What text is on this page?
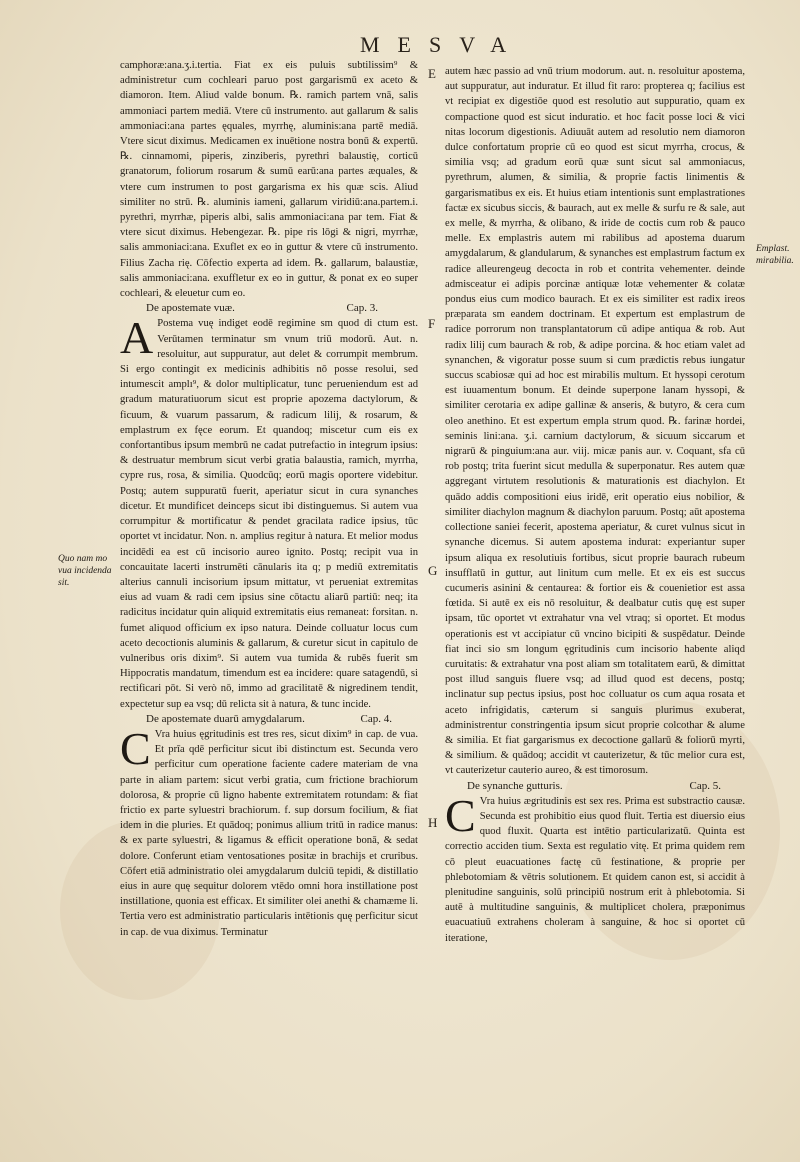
MESVA
E
F
G
H
Quo nam mo vua incidenda sit.
Emplast. mirabilia.

camphoræ:ana.ʒ.i.tertia. Fiat ex eis puluis subtilissim⁹ & administretur cum cochleari paruo post gargarismū ex aceto & diamoron. Item. Aliud valde bonum. ℞. ramich partem vnā, salis ammoniaci partem mediā. Vtere cū instrumento. aut gallarum & salis ammoniaci:ana partes ęquales, myrrhę, aluminis:ana partē mediā. Vtere sicut diximus. Medicamen ex inuētione nostra bonū & expertū. ℞. cinnamomi, piperis, zinziberis, pyrethri balaustię, corticū granatorum, foliorum rosarum & sumū earū:ana partes æquales, & vtere cum instrumen to post gargarisma ex his quæ scis. Aliud similiter no strū. ℞. aluminis iameni, gallarum viridiū:ana.partem.i. pyrethri, myrrhæ, piperis albi, salis ammoniaci:ana par tem. Fiat & vtere sicut diximus. Hebengezar. ℞. pipe ris lōgi & nigri, myrrhæ, salis ammoniaci:ana. Exuflet ex eo in guttur & vtere cū instrumento. Filius Zacha rię. Cōfectio experta ad idem. ℞. gallarum, balaustiæ, salis ammoniaci:ana. exuffletur ex eo in guttur, & ponat ex eo super cochleari, & eleuetur cum eo.

De apostemate vuæ.	Cap. 3.

A Postema vuę indiget eodē regimine sm quod di ctum est. Verūtamen terminatur sm vnum triū modorū. Aut. n. resoluitur, aut suppuratur, aut delet & corrumpit membrum. Si ergo contingit ex medicinis adhibitis nō posse resolui, sed intumescit amplı⁹, & dolor multiplicatur, tunc perueniendum est ad gradum maturatiuorum sicut est proprie apozema dactylorum, & ficuum, & vuarum passarum, & radicum lilij, & rosarum, & emplastrum ex fęce eorum. Et quandoq; miscetur cum eis ex confortantibus ipsum membrū ne cadat putrefactio in integrum ipsius: & destruatur membrum sicut verbi gratia balaustia, ramich, myrrha, cypre rus, rosa, & similia. Quodcūq; eorū magis oportere videbitur. Postq; autem suppuratū fuerit, aperiatur sicut in cura synanches dicetur. Et mundificet deinceps sicut ibi distinguemus. Si autem vua corrumpitur & mortificatur & pendet gracilata radice ipsius, tūc oportet vt incidatur. Non. n. amplius regitur à natura. Et melior modus incidēdi ea est cū incisorio aureo ignito. Postq; recipit vua in concauitate lacerti instrumēti cānularis ita q; p mediū extremitatis alterius cannuli incisorium ipsum mittatur, vt perueniat extremitas eius ad vuam & radi cem ipsius sine cōtactu aliarū partiū: neq; ita radicitus incidatur quin aliquid extremitatis eius remaneat: forsitan. n. fumet aliquod officium ex ipso natura. Deinde colluatur locus cum aceto decoctionis aluminis & gallarum, & curetur sicut in capitulo de vulneribus oris dixim⁹. Si autem vua tumida & rubēs fuerit sm Hippocratis mandatum, timendum est ea incidere: quare satagendū, si rectificari pōt. Si verò nō, immo ad gracilitatē & nigredinem tendit, expectetur sup ea vsq; dū relicta sit à natura, & tunc incide.

De apostemate duarū amygdalarum.	Cap. 4.

C Vra huius ęgritudinis est tres res, sicut dixim⁹ in cap. de vua. Et prīa qdē perficitur sicut ibi distinctum est. Secunda vero perficitur cum operatione faciente cadere materiam de vna parte in aliam partem: sicut verbi gratia, cum frictione brachiorum dolorosa, & proprie cū ligno habente extremitatem rotundam: & fiat frictio ex parte syluestri brachiorum. f. sup dorsum focilium, & fiat idem in die pluries. Et quādoq; ponimus allium tritū in radice manus: & ex parte syluestri, & ligamus & efficit operatione bonā, & sedat dolore. Conferunt etiam ventosationes positæ in brachijs et cruribus. Cōfert etiā administratio olei amygdalarum dulciū tepidi, & distillatio eius in aure quę sequitur dolorem vtēdo omni hora instillatione post instillatione, quonia est efficax. Et similiter olei anethi & chamæme li. Tertia vero est administratio particularis intētionis quę perficitur sicut in cap. de vua diximus. Terminatur

autem hæc passio ad vnū trium modorum. aut. n. resoluitur apostema, aut suppuratur, aut induratur. Et illud fit raro: propterea q; facilius est vt recipiat ex digestiōe quod est resolutio aut suppuratio, quam ex compactione quod est sicut induratio. et hoc facit posse loci & vici nitas locorum digestionis. Adiuuāt autem ad resolutio nem diamoron dulce confortatum proprie cū eo quod est sicut myrrha, crocus, & similia vsq; ad gradum eorū quæ sunt sicut sal ammoniacus, pyrethrum, alumen, & similia, & proprie factis linimentis & gargarismatibus ex eis. Et huius etiam intentionis sunt emplastrationes factæ ex sicubus siccis, & baurach, aut ex melle & surfu re & sale, aut ex melle, & myrrha, & olibano, & iride de coctis cum rob & pauco melle. Ex emplastris autem mi rabilibus ad apostema duarum amygdalarum, & glandularum, & synanches est emplastrum factum ex radice alleurengeug decocta in rob et contrita vehementer. deinde admisceatur ei adipis porcinæ antiquæ lotæ vehementer & colatæ pondus eius cum modico baurach. Et ex eis similiter est radix ireos præparata sm eandem doctrinam. Et expertum est emplastrum de radice porrorum non transplantatorum cū adipe antiqua & rob. Aut radix lilij cum baurach & rob, & adipe porcina. & hoc etiam valet ad synanchen, & vigoratur posse suum si cum prædictis rebus iungatur succus scabiosæ qui ad hoc est mirabilis multum. Et hyssopi cerotum est iuuamentum bonum. Et deinde superpone lanam hyssopi, & similiter cerotaria ex adipe gallinæ & anseris, & butyro, & cera cum oleo anethino. Et est expertum empla strum quod. ℞. farinæ hordei, seminis lini:ana. ʒ.i. carnium dactylorum, & sicuum siccarum et nigrarū & pinguium:ana aur. viij. micæ panis aur. v. Coquant, sfa cū rob postq; trita fuerint sicut medulla & superponatur. Res autem quæ aggregant virtutem resolutionis & maturationis est diachylon. Et quādo addis compositioni eius iridē, erit operatio eius nobilior, & similiter diachylon magnum & diachylon paruum. Postq; aūt apostema collectione saniei fecerit, apostema aperiatur, & curet vulnus sicut in synanche dicemus. Si autem apostema indurat: experiantur super ipsum aliqua ex resolutiuis fortibus, sicut proprie baurach rubeum insufflatū in guttur, aut linitum cum melle. Et ex eis est succus cucumeris asinini & centaurea: & fortior eis & couenietior est assa fœtida. Si autē ex eis nō resoluitur, & dealbatur cutis quę est super ipsam, tūc oportet vt extrahatur vna vel vtraq; si oportet. Et modus operationis est vt accipiatur cū vncino bicipiti & suspēdatur. Deinde fiat inci sio sm longum ęgritudinis cum incisorio habente aliqd curuitatis: & extrahatur vna post aliam sm totalitatem earū, & dimittat post illud sanguis fluere vsq; ad illud quod est decens, postq; inclinatur sup pectus ipsius, post hoc colluatur os cum aqua rosata et aceto infrigidatis, cæterum si sanguis plurimus exuberat, administrentur constringentia ipsum sicut proprie colcothar & alume & similia. Et fiat gargarismus ex decoctione gallarū & foliorū myrti, & similium. & quādoq; accidit vt cauterizetur, & tūc melior cura est, vt cauterizetur cauterio aureo, & est timorosum.

De synanche gutturis.	Cap. 5.

C Vra huius ægritudinis est sex res. Prima est substractio causæ. Secunda est prohibitio eius quod fluit. Tertia est diuersio eius quod fluxit. Quarta est intētio particularizatū. Quinta est correctio acciden tium. Sexta est regulatio vitę. Et prima quidem rem cō pleut euacuationes factę cū festinatione, & proprie per phlebotomiam & vētris solutionem. Et quidem canon est, si accidit à plenitudine sanguinis, solū principiū nostrum erit à phlebotomia. Si autē à multitudine sanguinis, & multiplicet cholera, præponimus euacuatiuū extrahens choleram à sanguine, & hoc si oportet cū iteratione,
